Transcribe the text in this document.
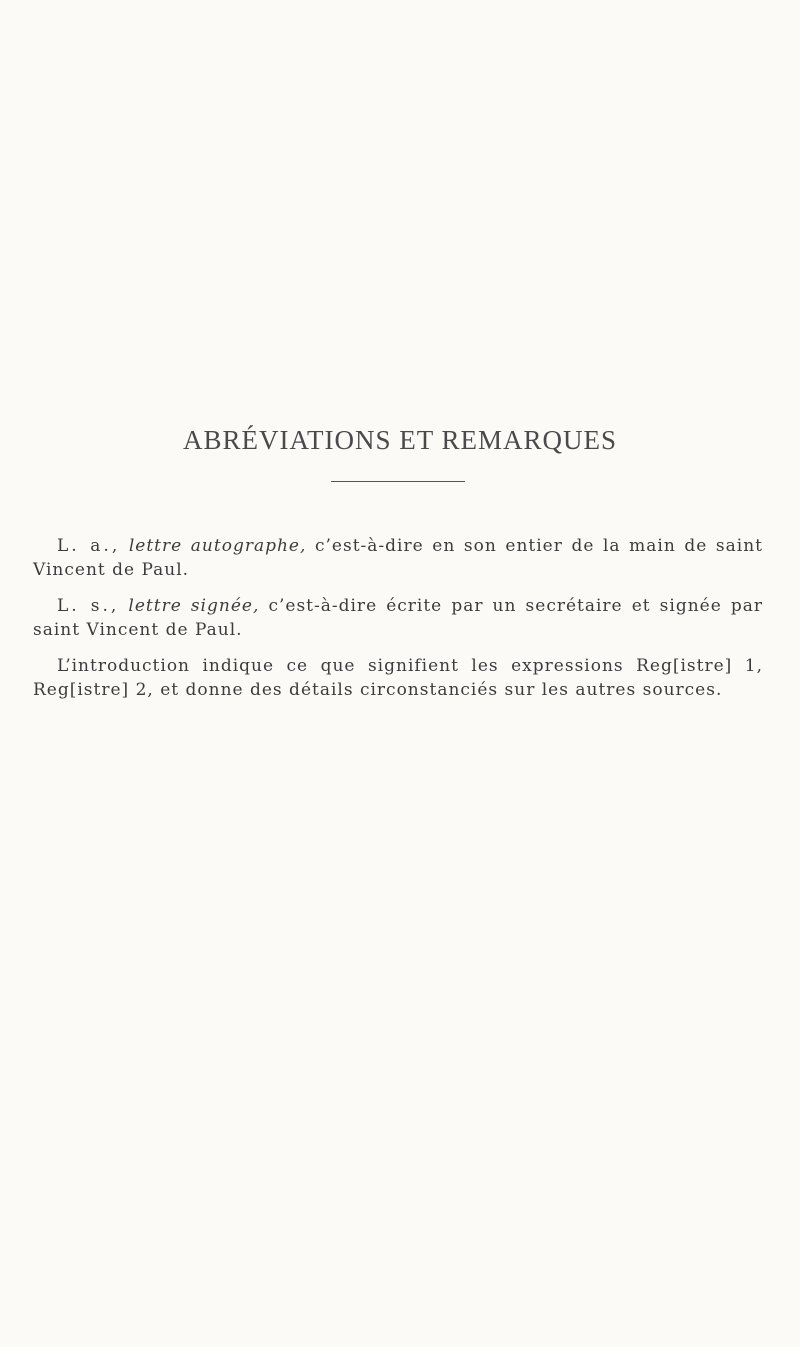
ABRÉVIATIONS ET REMARQUES

L. a., lettre autographe, c’est-à-dire en son entier de la main de saint Vincent de Paul.

L. s., lettre signée, c’est-à-dire écrite par un secrétaire et signée par saint Vincent de Paul.

L’introduction indique ce que signifient les expressions Reg[istre] 1, Reg[istre] 2, et donne des détails circonstanciés sur les autres sources.
